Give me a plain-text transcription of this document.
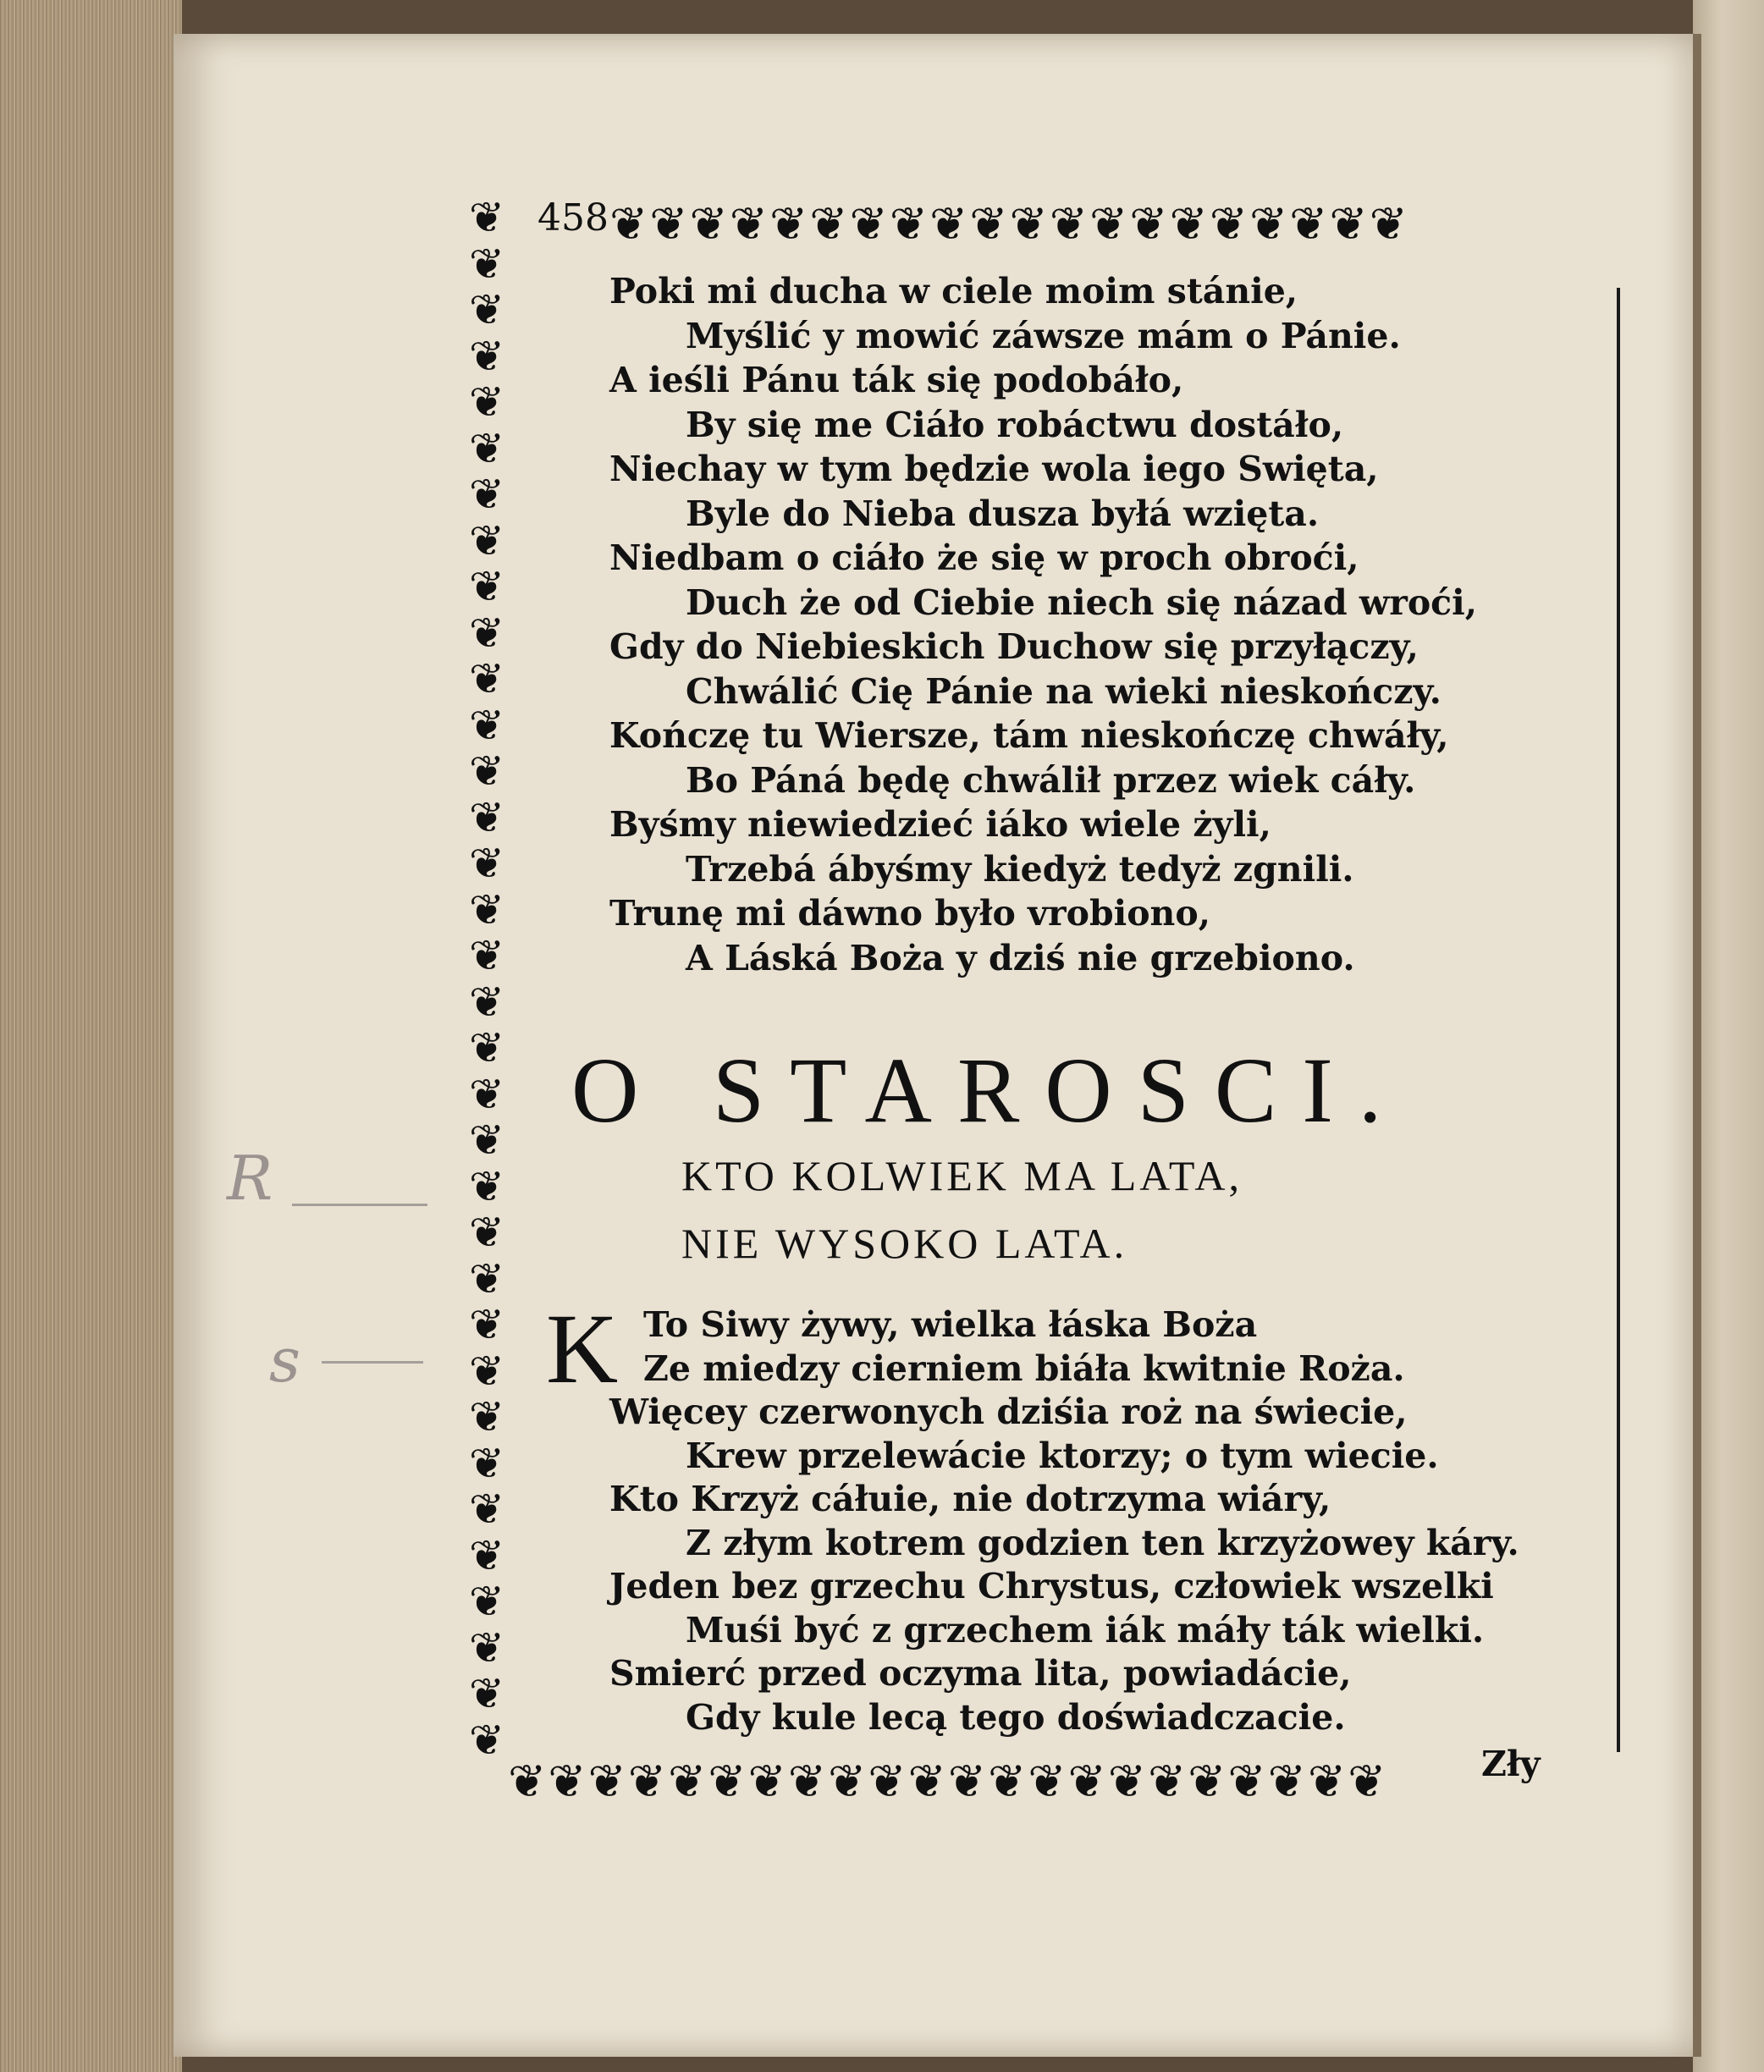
❦❦❦❦❦❦❦❦❦❦❦❦❦❦❦❦❦❦❦❦
❦
❦
❦
❦
❦
❦
❦
❦
❦
❦
❦
❦
❦
❦
❦
❦
❦
❦
❦
❦
❦
❦
❦
❦
❦
❦
❦
❦
❦
❦
❦
❦
❦
❦
❦❦❦❦❦❦❦❦❦❦❦❦❦❦❦❦❦❦❦❦❦❦
458
Poki mi ducha w ciele moim stánie,
Myślić y mowić záwsze mám o Pánie.
A ieśli Pánu ták się podobáło,
By się me Ciáło robáctwu dostáło,
Niechay w tym będzie wola iego Swięta,
Byle do Nieba dusza byłá wzięta.
Niedbam o ciáło że się w proch obroći,
Duch że od Ciebie niech się názad wroći,
Gdy do Niebieskich Duchow się przyłączy,
Chwálić Cię Pánie na wieki nieskończy.
Kończę tu Wiersze, tám nieskończę chwáły,
Bo Páná będę chwálił przez wiek cáły.
Byśmy niewiedzieć iáko wiele żyli,
Trzebá ábyśmy kiedyż tedyż zgnili.
Trunę mi dáwno było vrobiono,
A Láská Boża y dziś nie grzebiono.
O STAROSCI.
KTO KOLWIEK MA LATA,
NIE WYSOKO LATA.
K To Siwy żywy, wielka łáska Boża
Ze miedzy cierniem biáła kwitnie Roża.
Więcey czerwonych dziśia roż na świecie,
Krew przelewácie ktorzy; o tym wiecie.
Kto Krzyż cáłuie, nie dotrzyma wiáry,
Z złym kotrem godzien ten krzyżowey káry.
Jeden bez grzechu Chrystus, człowiek wszelki
Muśi być z grzechem iák máły ták wielki.
Smierć przed oczyma lita, powiadácie,
Gdy kule lecą tego doświadczacie.
Zły
R
s
